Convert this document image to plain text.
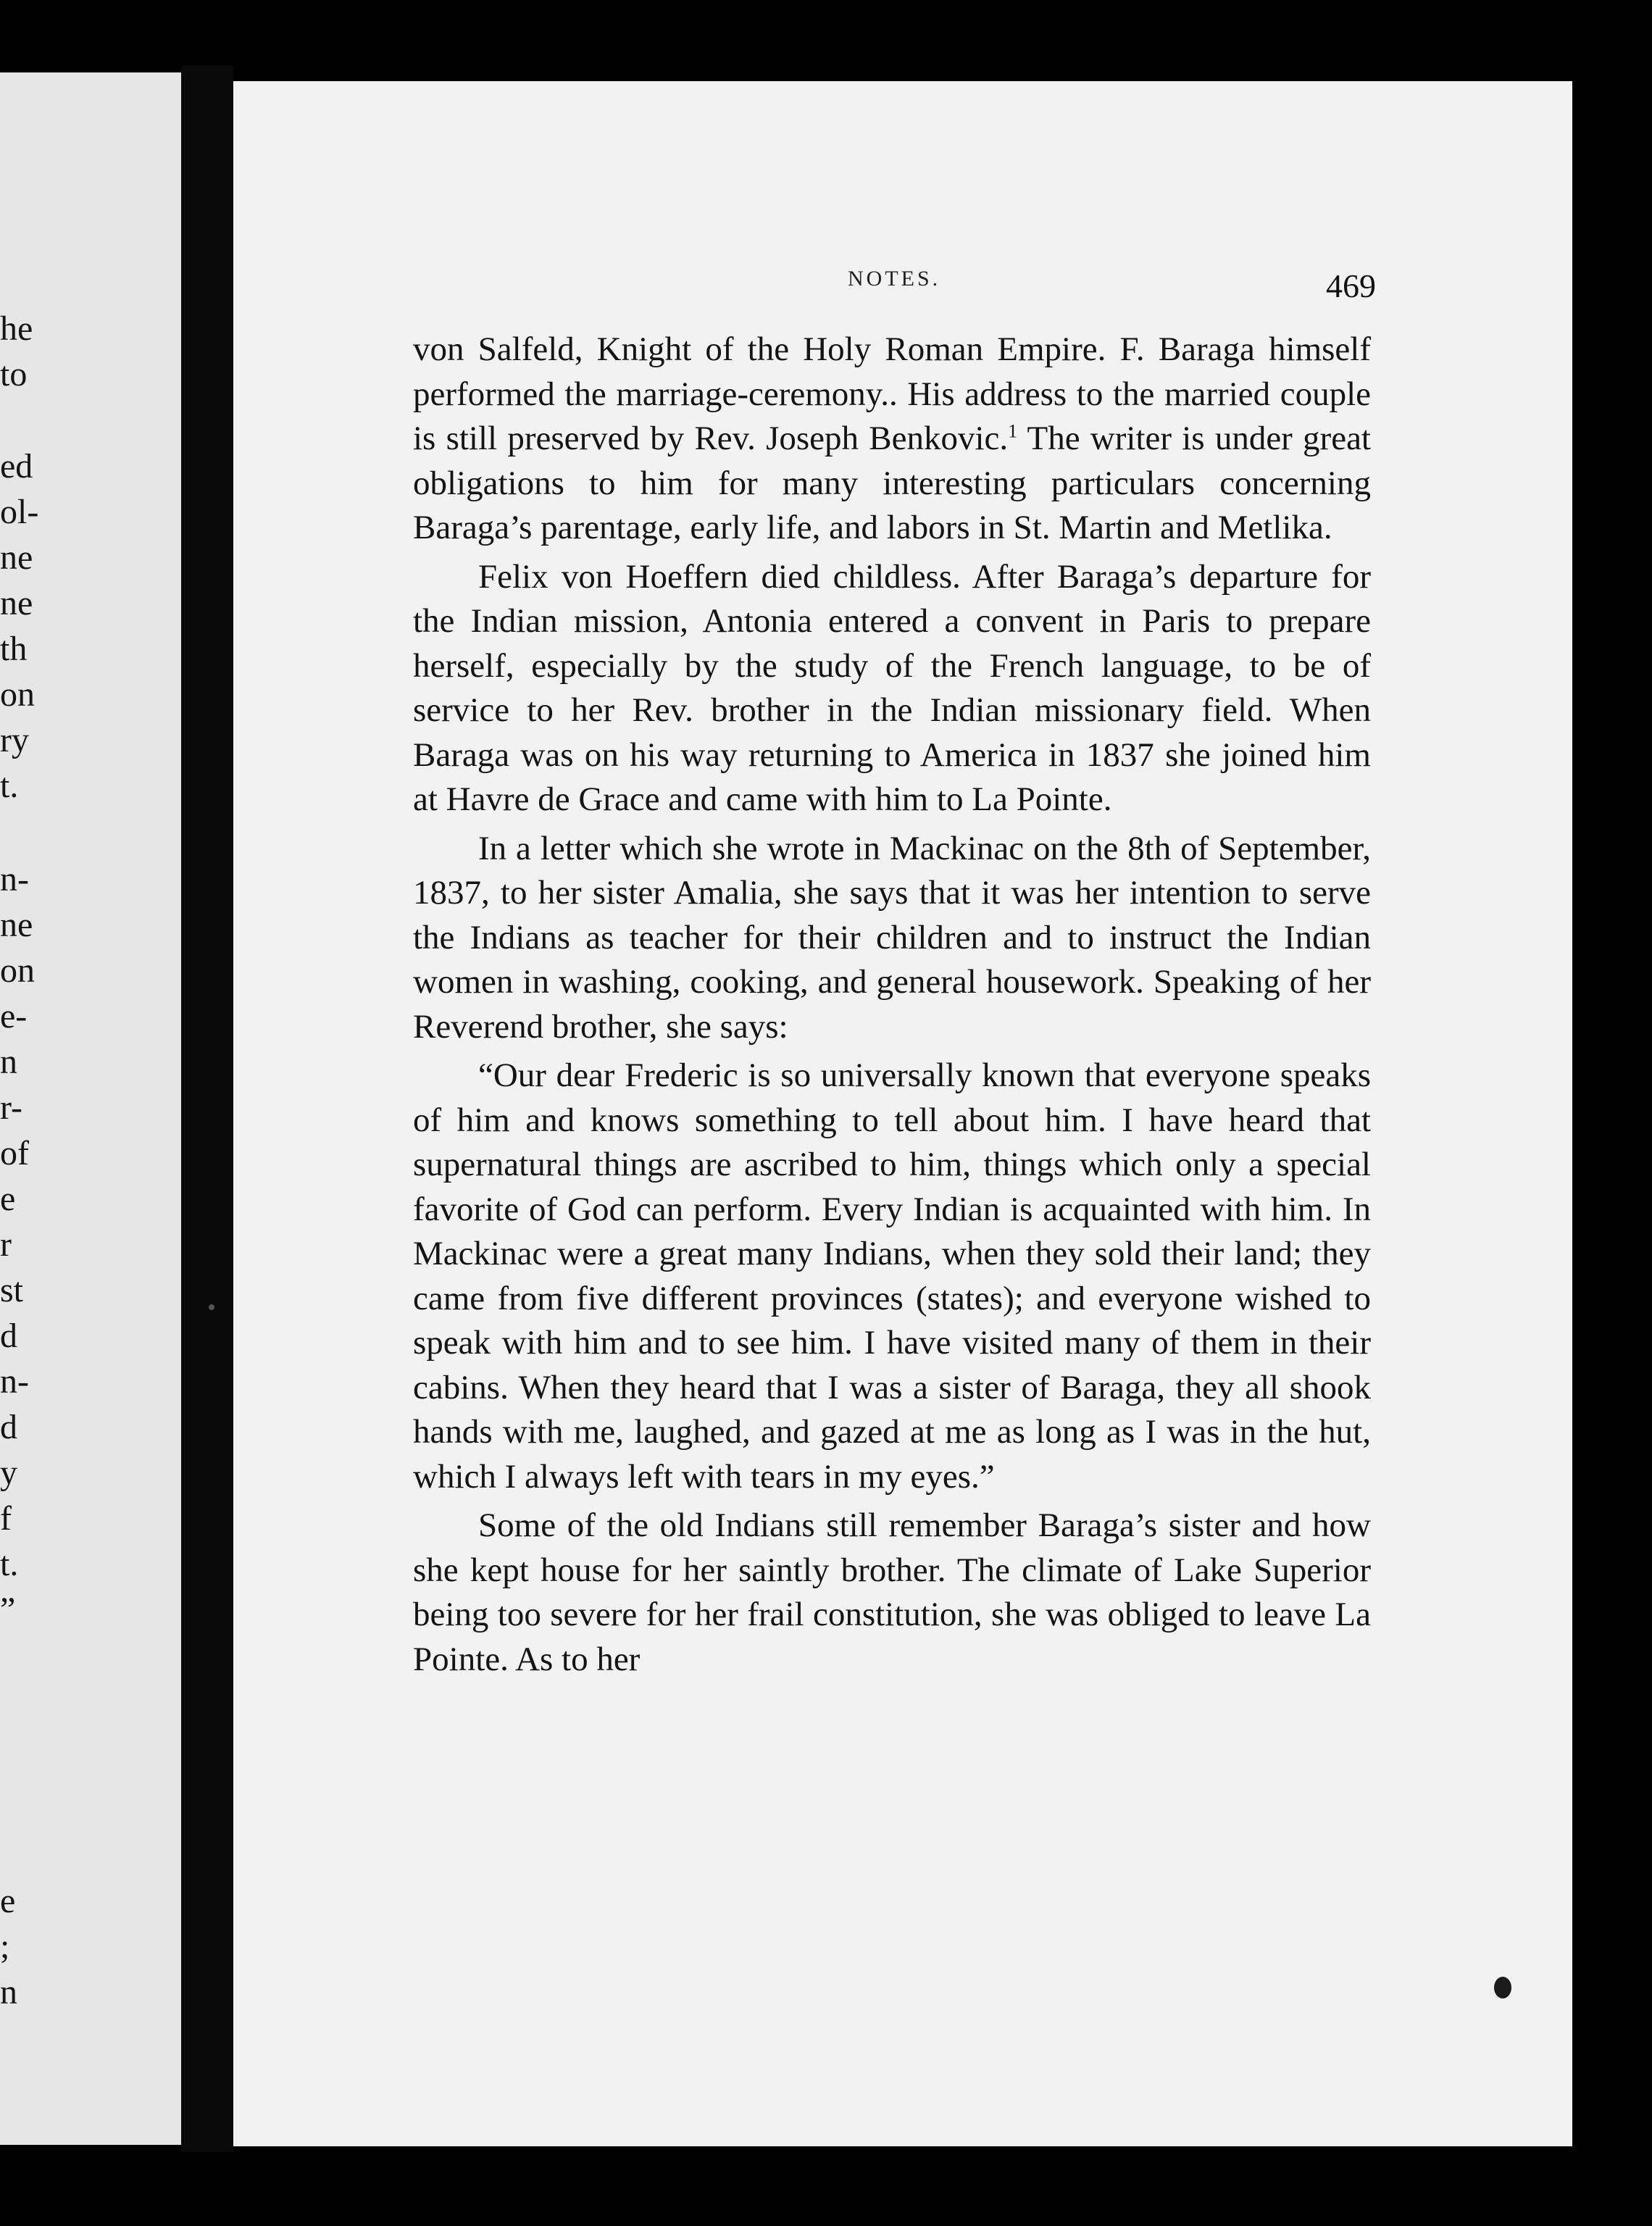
he
to
ed
ol-
ne
ne
th
on
ry
t.
n-
ne
on
e-
n
r-
of
e
r
st
d
n-
d
y
f
t.
”
e
;
n
NOTES.	469

von Salfeld, Knight of the Holy Roman Empire. F. Baraga himself performed the marriage-ceremony.. His address to the married couple is still preserved by Rev. Joseph Benkovic.$^1$ The writer is under great obligations to him for many interesting particulars concerning Baraga’s parentage, early life, and labors in St. Martin and Metlika.

Felix von Hoeffern died childless. After Baraga’s departure for the Indian mission, Antonia entered a convent in Paris to prepare herself, especially by the study of the French language, to be of service to her Rev. brother in the Indian missionary field. When Baraga was on his way returning to America in 1837 she joined him at Havre de Grace and came with him to La Pointe.

In a letter which she wrote in Mackinac on the 8th of September, 1837, to her sister Amalia, she says that it was her intention to serve the Indians as teacher for their children and to instruct the Indian women in washing, cooking, and general housework. Speaking of her Reverend brother, she says:

“Our dear Frederic is so universally known that everyone speaks of him and knows something to tell about him. I have heard that supernatural things are ascribed to him, things which only a special favorite of God can perform. Every Indian is acquainted with him. In Mackinac were a great many Indians, when they sold their land; they came from five different provinces (states); and everyone wished to speak with him and to see him. I have visited many of them in their cabins. When they heard that I was a sister of Baraga, they all shook hands with me, laughed, and gazed at me as long as I was in the hut, which I always left with tears in my eyes.”

Some of the old Indians still remember Baraga’s sister and how she kept house for her saintly brother. The climate of Lake Superior being too severe for her frail constitution, she was obliged to leave La Pointe. As to her
